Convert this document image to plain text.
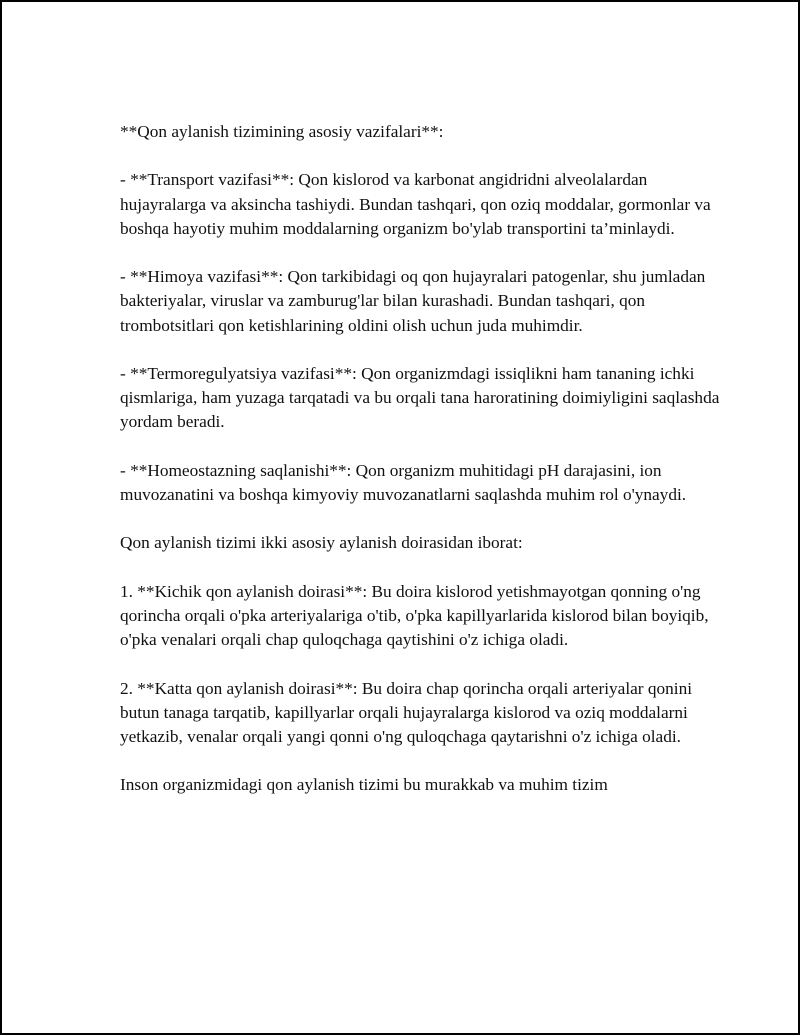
**Qon aylanish tizimining asosiy vazifalari**:

- **Transport vazifasi**: Qon kislorod va karbonat angidridni alveolalardan hujayralarga va aksincha tashiydi. Bundan tashqari, qon oziq moddalar, gormonlar va boshqa hayotiy muhim moddalarning organizm bo'ylab transportini ta’minlaydi.

- **Himoya vazifasi**: Qon tarkibidagi oq qon hujayralari patogenlar, shu jumladan bakteriyalar, viruslar va zamburug'lar bilan kurashadi. Bundan tashqari, qon trombotsitlari qon ketishlarining oldini olish uchun juda muhimdir.

- **Termoregulyatsiya vazifasi**: Qon organizmdagi issiqlikni ham tananing ichki qismlariga, ham yuzaga tarqatadi va bu orqali tana haroratining doimiyligini saqlashda yordam beradi.

- **Homeostazning saqlanishi**: Qon organizm muhitidagi pH darajasini, ion muvozanatini va boshqa kimyoviy muvozanatlarni saqlashda muhim rol o'ynaydi.

Qon aylanish tizimi ikki asosiy aylanish doirasidan iborat:

1. **Kichik qon aylanish doirasi**: Bu doira kislorod yetishmayotgan qonning o'ng qorincha orqali o'pka arteriyalariga o'tib, o'pka kapillyarlarida kislorod bilan boyiqib, o'pka venalari orqali chap quloqchaga qaytishini o'z ichiga oladi.

2. **Katta qon aylanish doirasi**: Bu doira chap qorincha orqali arteriyalar qonini butun tanaga tarqatib, kapillyarlar orqali hujayralarga kislorod va oziq moddalarni yetkazib, venalar orqali yangi qonni o'ng quloqchaga qaytarishni o'z ichiga oladi.

Inson organizmidagi qon aylanish tizimi bu murakkab va muhim tizim
